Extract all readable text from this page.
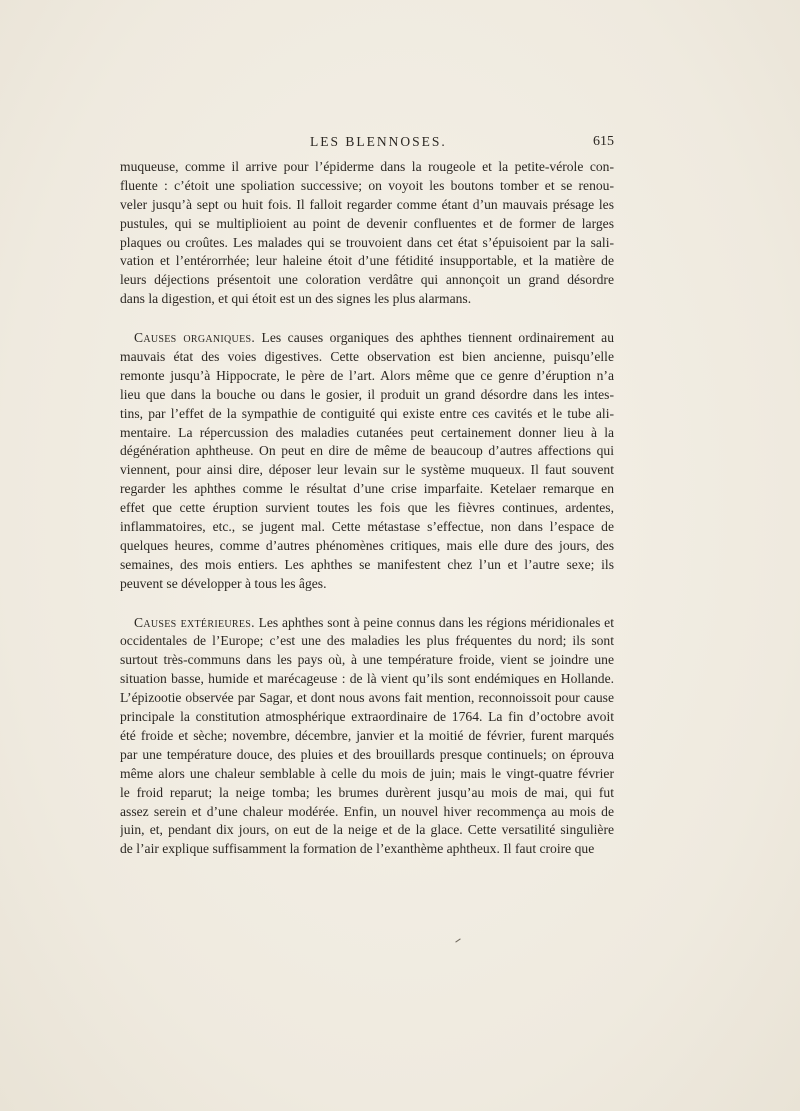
LES BLENNOSES.	615
muqueuse, comme il arrive pour l’épiderme dans la rougeole et la petite-vérole con-
fluente : c’étoit une spoliation successive; on voyoit les boutons tomber et se renou-
veler jusqu’à sept ou huit fois. Il falloit regarder comme étant d’un mauvais présage les
pustules, qui se multiplioient au point de devenir confluentes et de former de larges
plaques ou croûtes. Les malades qui se trouvoient dans cet état s’épuisoient par la sali-
vation et l’entérorrhée; leur haleine étoit d’une fétidité insupportable, et la matière de
leurs déjections présentoit une coloration verdâtre qui annonçoit un grand désordre
dans la digestion, et qui étoit est un des signes les plus alarmans.
Causes organiques. Les causes organiques des aphthes tiennent ordinairement au
mauvais état des voies digestives. Cette observation est bien ancienne, puisqu’elle
remonte jusqu’à Hippocrate, le père de l’art. Alors même que ce genre d’éruption n’a
lieu que dans la bouche ou dans le gosier, il produit un grand désordre dans les intes-
tins, par l’effet de la sympathie de contiguité qui existe entre ces cavités et le tube ali-
mentaire. La répercussion des maladies cutanées peut certainement donner lieu à la
dégénération aphtheuse. On peut en dire de même de beaucoup d’autres affections qui
viennent, pour ainsi dire, déposer leur levain sur le système muqueux. Il faut souvent
regarder les aphthes comme le résultat d’une crise imparfaite. Ketelaer remarque en
effet que cette éruption survient toutes les fois que les fièvres continues, ardentes,
inflammatoires, etc., se jugent mal. Cette métastase s’effectue, non dans l’espace de
quelques heures, comme d’autres phénomènes critiques, mais elle dure des jours, des
semaines, des mois entiers. Les aphthes se manifestent chez l’un et l’autre sexe; ils
peuvent se développer à tous les âges.
Causes extérieures. Les aphthes sont à peine connus dans les régions méridionales et
occidentales de l’Europe; c’est une des maladies les plus fréquentes du nord; ils sont
surtout très-communs dans les pays où, à une température froide, vient se joindre une
situation basse, humide et marécageuse : de là vient qu’ils sont endémiques en Hollande.
L’épizootie observée par Sagar, et dont nous avons fait mention, reconnoissoit pour cause
principale la constitution atmosphérique extraordinaire de 1764. La fin d’octobre avoit
été froide et sèche; novembre, décembre, janvier et la moitié de février, furent marqués
par une température douce, des pluies et des brouillards presque continuels; on éprouva
même alors une chaleur semblable à celle du mois de juin; mais le vingt-quatre février
le froid reparut; la neige tomba; les brumes durèrent jusqu’au mois de mai, qui fut
assez serein et d’une chaleur modérée. Enfin, un nouvel hiver recommença au mois de
juin, et, pendant dix jours, on eut de la neige et de la glace. Cette versatilité singulière
de l’air explique suffisamment la formation de l’exanthème aphtheux. Il faut croire que
